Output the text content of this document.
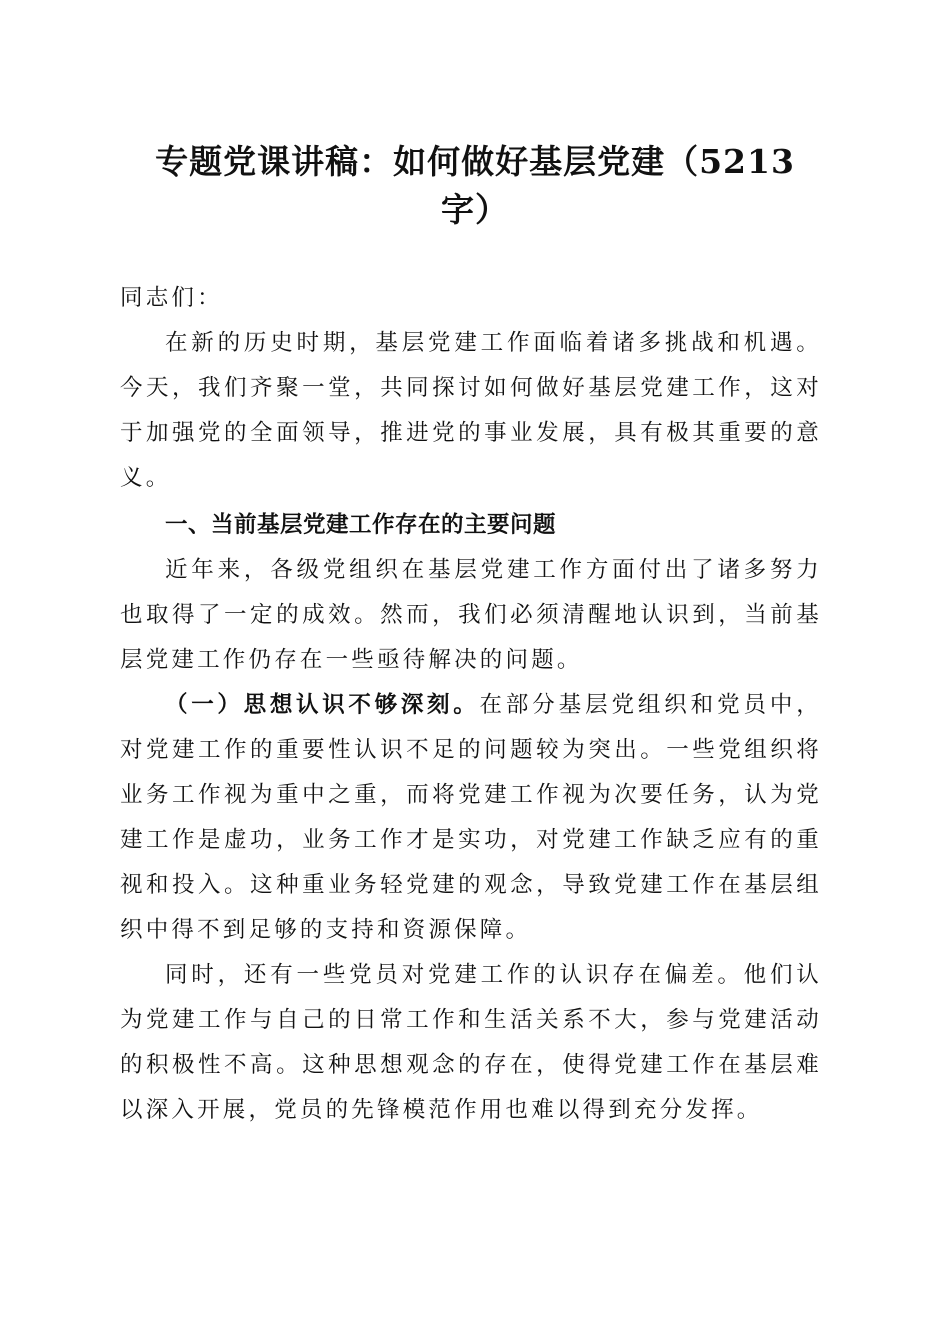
专题党课讲稿：如何做好基层党建（5213
字）

同志们：

在新的历史时期，基层党建工作面临着诸多挑战和机遇。今天，我们齐聚一堂，共同探讨如何做好基层党建工作，这对于加强党的全面领导，推进党的事业发展，具有极其重要的意义。

一、当前基层党建工作存在的主要问题

近年来，各级党组织在基层党建工作方面付出了诸多努力也取得了一定的成效。然而，我们必须清醒地认识到，当前基层党建工作仍存在一些亟待解决的问题。

（一）思想认识不够深刻。在部分基层党组织和党员中，对党建工作的重要性认识不足的问题较为突出。一些党组织将业务工作视为重中之重，而将党建工作视为次要任务，认为党建工作是虚功，业务工作才是实功，对党建工作缺乏应有的重视和投入。这种重业务轻党建的观念，导致党建工作在基层组织中得不到足够的支持和资源保障。

同时，还有一些党员对党建工作的认识存在偏差。他们认为党建工作与自己的日常工作和生活关系不大，参与党建活动的积极性不高。这种思想观念的存在，使得党建工作在基层难以深入开展，党员的先锋模范作用也难以得到充分发挥。
